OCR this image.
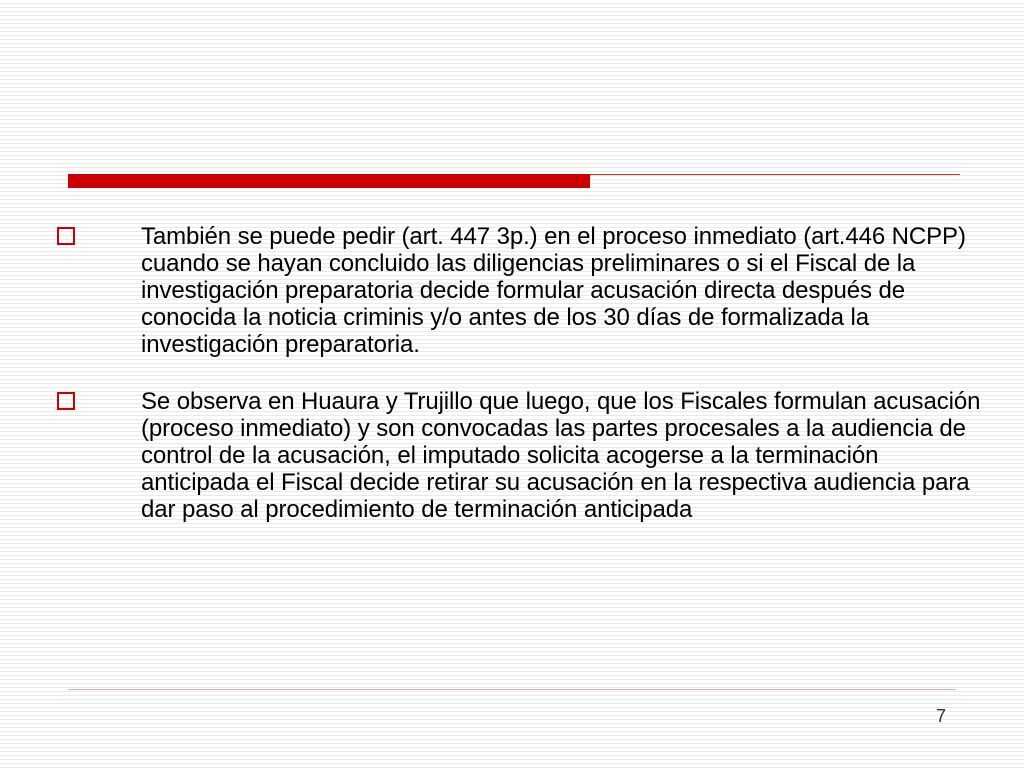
También se puede pedir (art. 447 3p.) en el proceso inmediato (art.446 NCPP) cuando se hayan concluido las diligencias preliminares o si el Fiscal de la investigación preparatoria decide formular acusación directa después de conocida la noticia criminis y/o antes de los 30 días de formalizada la investigación preparatoria.
Se observa en Huaura y Trujillo que luego, que los Fiscales formulan acusación (proceso inmediato) y son convocadas las partes procesales a la audiencia de control de la acusación, el imputado solicita acogerse a la terminación anticipada el Fiscal decide retirar su acusación en la respectiva audiencia para dar paso al procedimiento de terminación anticipada
7
